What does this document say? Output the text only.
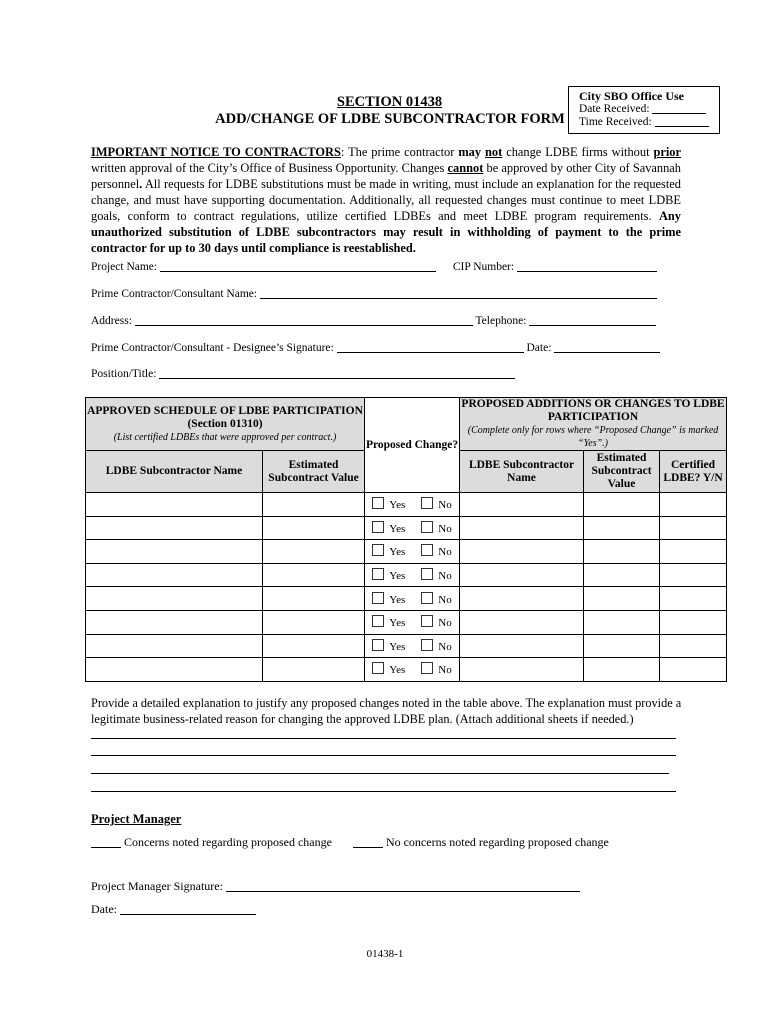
City SBO Office Use
Date Received:
Time Received:
SECTION 01438
ADD/CHANGE OF LDBE SUBCONTRACTOR FORM
IMPORTANT NOTICE TO CONTRACTORS: The prime contractor may not change LDBE firms without prior written approval of the City’s Office of Business Opportunity. Changes cannot be approved by other City of Savannah personnel. All requests for LDBE substitutions must be made in writing, must include an explanation for the requested change, and must have supporting documentation. Additionally, all requested changes must continue to meet LDBE goals, conform to contract regulations, utilize certified LDBEs and meet LDBE program requirements. Any unauthorized substitution of LDBE subcontractors may result in withholding of payment to the prime contractor for up to 30 days until compliance is reestablished.
Project Name:	CIP Number:
Prime Contractor/Consultant Name:
Address:	Telephone:
Prime Contractor/Consultant - Designee’s Signature:	Date:
Position/Title:
APPROVED SCHEDULE OF LDBE PARTICIPATION (Section 01310)
(List certified LDBEs that were approved per contract.)		Proposed Change?	PROPOSED ADDITIONS OR CHANGES TO LDBE PARTICIPATION
(Complete only for rows where “Proposed Change” is marked “Yes”.)		

LDBE Subcontractor Name	Estimated Subcontract Value		LDBE Subcontractor Name	Estimated Subcontract Value	Certified LDBE? Y/N
		Yes No			
		Yes No			
		Yes No			
		Yes No			
		Yes No			
		Yes No			
		Yes No			
		Yes No			
Provide a detailed explanation to justify any proposed changes noted in the table above. The explanation must provide a legitimate business-related reason for changing the approved LDBE plan. (Attach additional sheets if needed.)
Project Manager
Concerns noted regarding proposed change	No concerns noted regarding proposed change
Project Manager Signature:
Date:
01438-1
